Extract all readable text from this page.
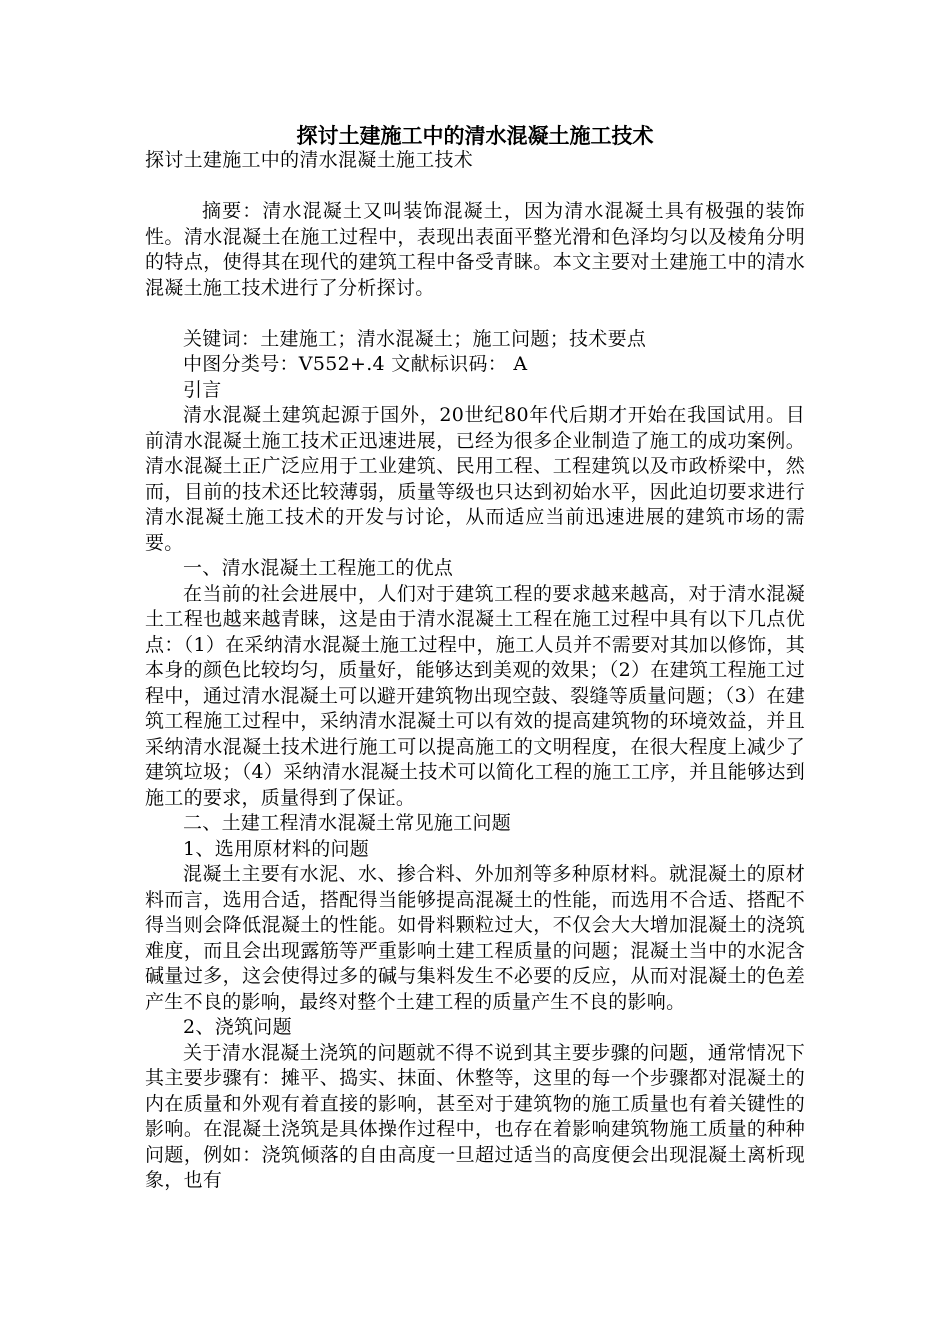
探讨土建施工中的清水混凝土施工技术

探讨土建施工中的清水混凝土施工技术

摘要：清水混凝土又叫装饰混凝土，因为清水混凝土具有极强的装饰性。清水混凝土在施工过程中，表现出表面平整光滑和色泽均匀以及棱角分明的特点，使得其在现代的建筑工程中备受青睐。本文主要对土建施工中的清水混凝土施工技术进行了分析探讨。

关键词：土建施工；清水混凝土；施工问题；技术要点

中图分类号：V552+.4 文献标识码： A

引言

清水混凝土建筑起源于国外，20世纪80年代后期才开始在我国试用。目前清水混凝土施工技术正迅速进展，已经为很多企业制造了施工的成功案例。清水混凝土正广泛应用于工业建筑、民用工程、工程建筑以及市政桥梁中，然而，目前的技术还比较薄弱，质量等级也只达到初始水平，因此迫切要求进行清水混凝土施工技术的开发与讨论，从而适应当前迅速进展的建筑市场的需要。

一、清水混凝土工程施工的优点

在当前的社会进展中，人们对于建筑工程的要求越来越高，对于清水混凝土工程也越来越青睐，这是由于清水混凝土工程在施工过程中具有以下几点优点：（1）在采纳清水混凝土施工过程中，施工人员并不需要对其加以修饰，其本身的颜色比较均匀，质量好，能够达到美观的效果；（2）在建筑工程施工过程中，通过清水混凝土可以避开建筑物出现空鼓、裂缝等质量问题；（3）在建筑工程施工过程中，采纳清水混凝土可以有效的提高建筑物的环境效益，并且采纳清水混凝土技术进行施工可以提高施工的文明程度，在很大程度上减少了建筑垃圾；（4）采纳清水混凝土技术可以简化工程的施工工序，并且能够达到施工的要求，质量得到了保证。

二、土建工程清水混凝土常见施工问题

1、选用原材料的问题

混凝土主要有水泥、水、掺合料、外加剂等多种原材料。就混凝土的原材料而言，选用合适，搭配得当能够提高混凝土的性能，而选用不合适、搭配不得当则会降低混凝土的性能。如骨料颗粒过大，不仅会大大增加混凝土的浇筑难度，而且会出现露筋等严重影响土建工程质量的问题；混凝土当中的水泥含碱量过多，这会使得过多的碱与集料发生不必要的反应，从而对混凝土的色差产生不良的影响，最终对整个土建工程的质量产生不良的影响。

2、浇筑问题

关于清水混凝土浇筑的问题就不得不说到其主要步骤的问题，通常情况下其主要步骤有：摊平、捣实、抹面、休整等，这里的每一个步骤都对混凝土的内在质量和外观有着直接的影响，甚至对于建筑物的施工质量也有着关键性的影响。在混凝土浇筑是具体操作过程中，也存在着影响建筑物施工质量的种种问题，例如：浇筑倾落的自由高度一旦超过适当的高度便会出现混凝土离析现象，也有
